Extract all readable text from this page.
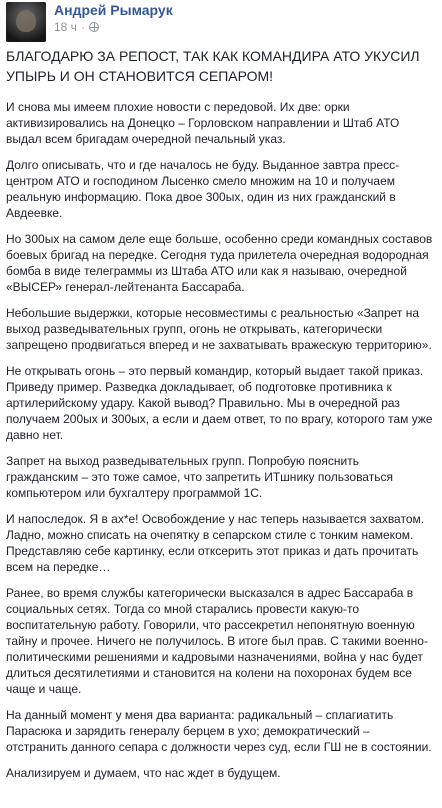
Андрей Рымарук
18 ч ·
БЛАГОДАРЮ ЗА РЕПОСТ, ТАК КАК КОМАНДИРА АТО УКУСИЛ УПЫРЬ И ОН СТАНОВИТСЯ СЕПАРОМ!

И снова мы имеем плохие новости с передовой. Их две: орки активизировались на Донецко – Горловском направлении и Штаб АТО выдал всем бригадам очередной печальный указ.

Долго описывать, что и где началось не буду. Выданное завтра пресс-центром АТО и господином Лысенко смело множим на 10 и получаем реальную информацию. Пока двое 300ых, один из них гражданский в Авдеевке.

Но 300ых на самом деле еще больше, особенно среди командных составов боевых бригад на передке. Сегодня туда прилетела очередная водородная бомба в виде телеграммы из Штаба АТО или как я называю, очередной «ВЫСЕР» генерал-лейтенанта Бассараба.

Небольшие выдержки, которые несовместимы с реальностью «Запрет на выход разведывательных групп, огонь не открывать, категорически запрещено продвигаться вперед и не захватывать вражескую территорию».

Не открывать огонь – это первый командир, который выдает такой приказ. Приведу пример. Разведка докладывает, об подготовке противника к артилерийскому удару. Какой вывод? Правильно. Мы в очередной раз получаем 200ых и 300ых, а если и даем ответ, то по врагу, которого там уже давно нет.

Запрет на выход разведывательных групп. Попробую пояснить гражданским – это тоже самое, что запретить ИТшнику пользоваться компьютером или бухгалтеру программой 1С.

И напоследок. Я в ах*е! Освобождение у нас теперь называется захватом. Ладно, можно списать на очепятку в сепарском стиле с тонким намеком. Представляю себе картинку, если отксерить этот приказ и дать прочитать всем на передке…

Ранее, во время службы категорически высказался в адрес Бассараба в социальных сетях. Тогда со мной старались провести какую-то воспитательную работу. Говорили, что рассекретил непонятную военную тайну и прочее. Ничего не получилось. В итоге был прав. С такими военно-политическими решениями и кадровыми назначениями, война у нас будет длиться десятилетиями и становится на колени на похоронах будем все чаще и чаще.

На данный момент у меня два варианта: радикальный – сплагиатить Парасюка и зарядить генералу берцем в ухо; демократический – отстранить данного сепара с должности через суд, если ГШ не в состоянии.

Анализируем и думаем, что нас ждет в будущем.
